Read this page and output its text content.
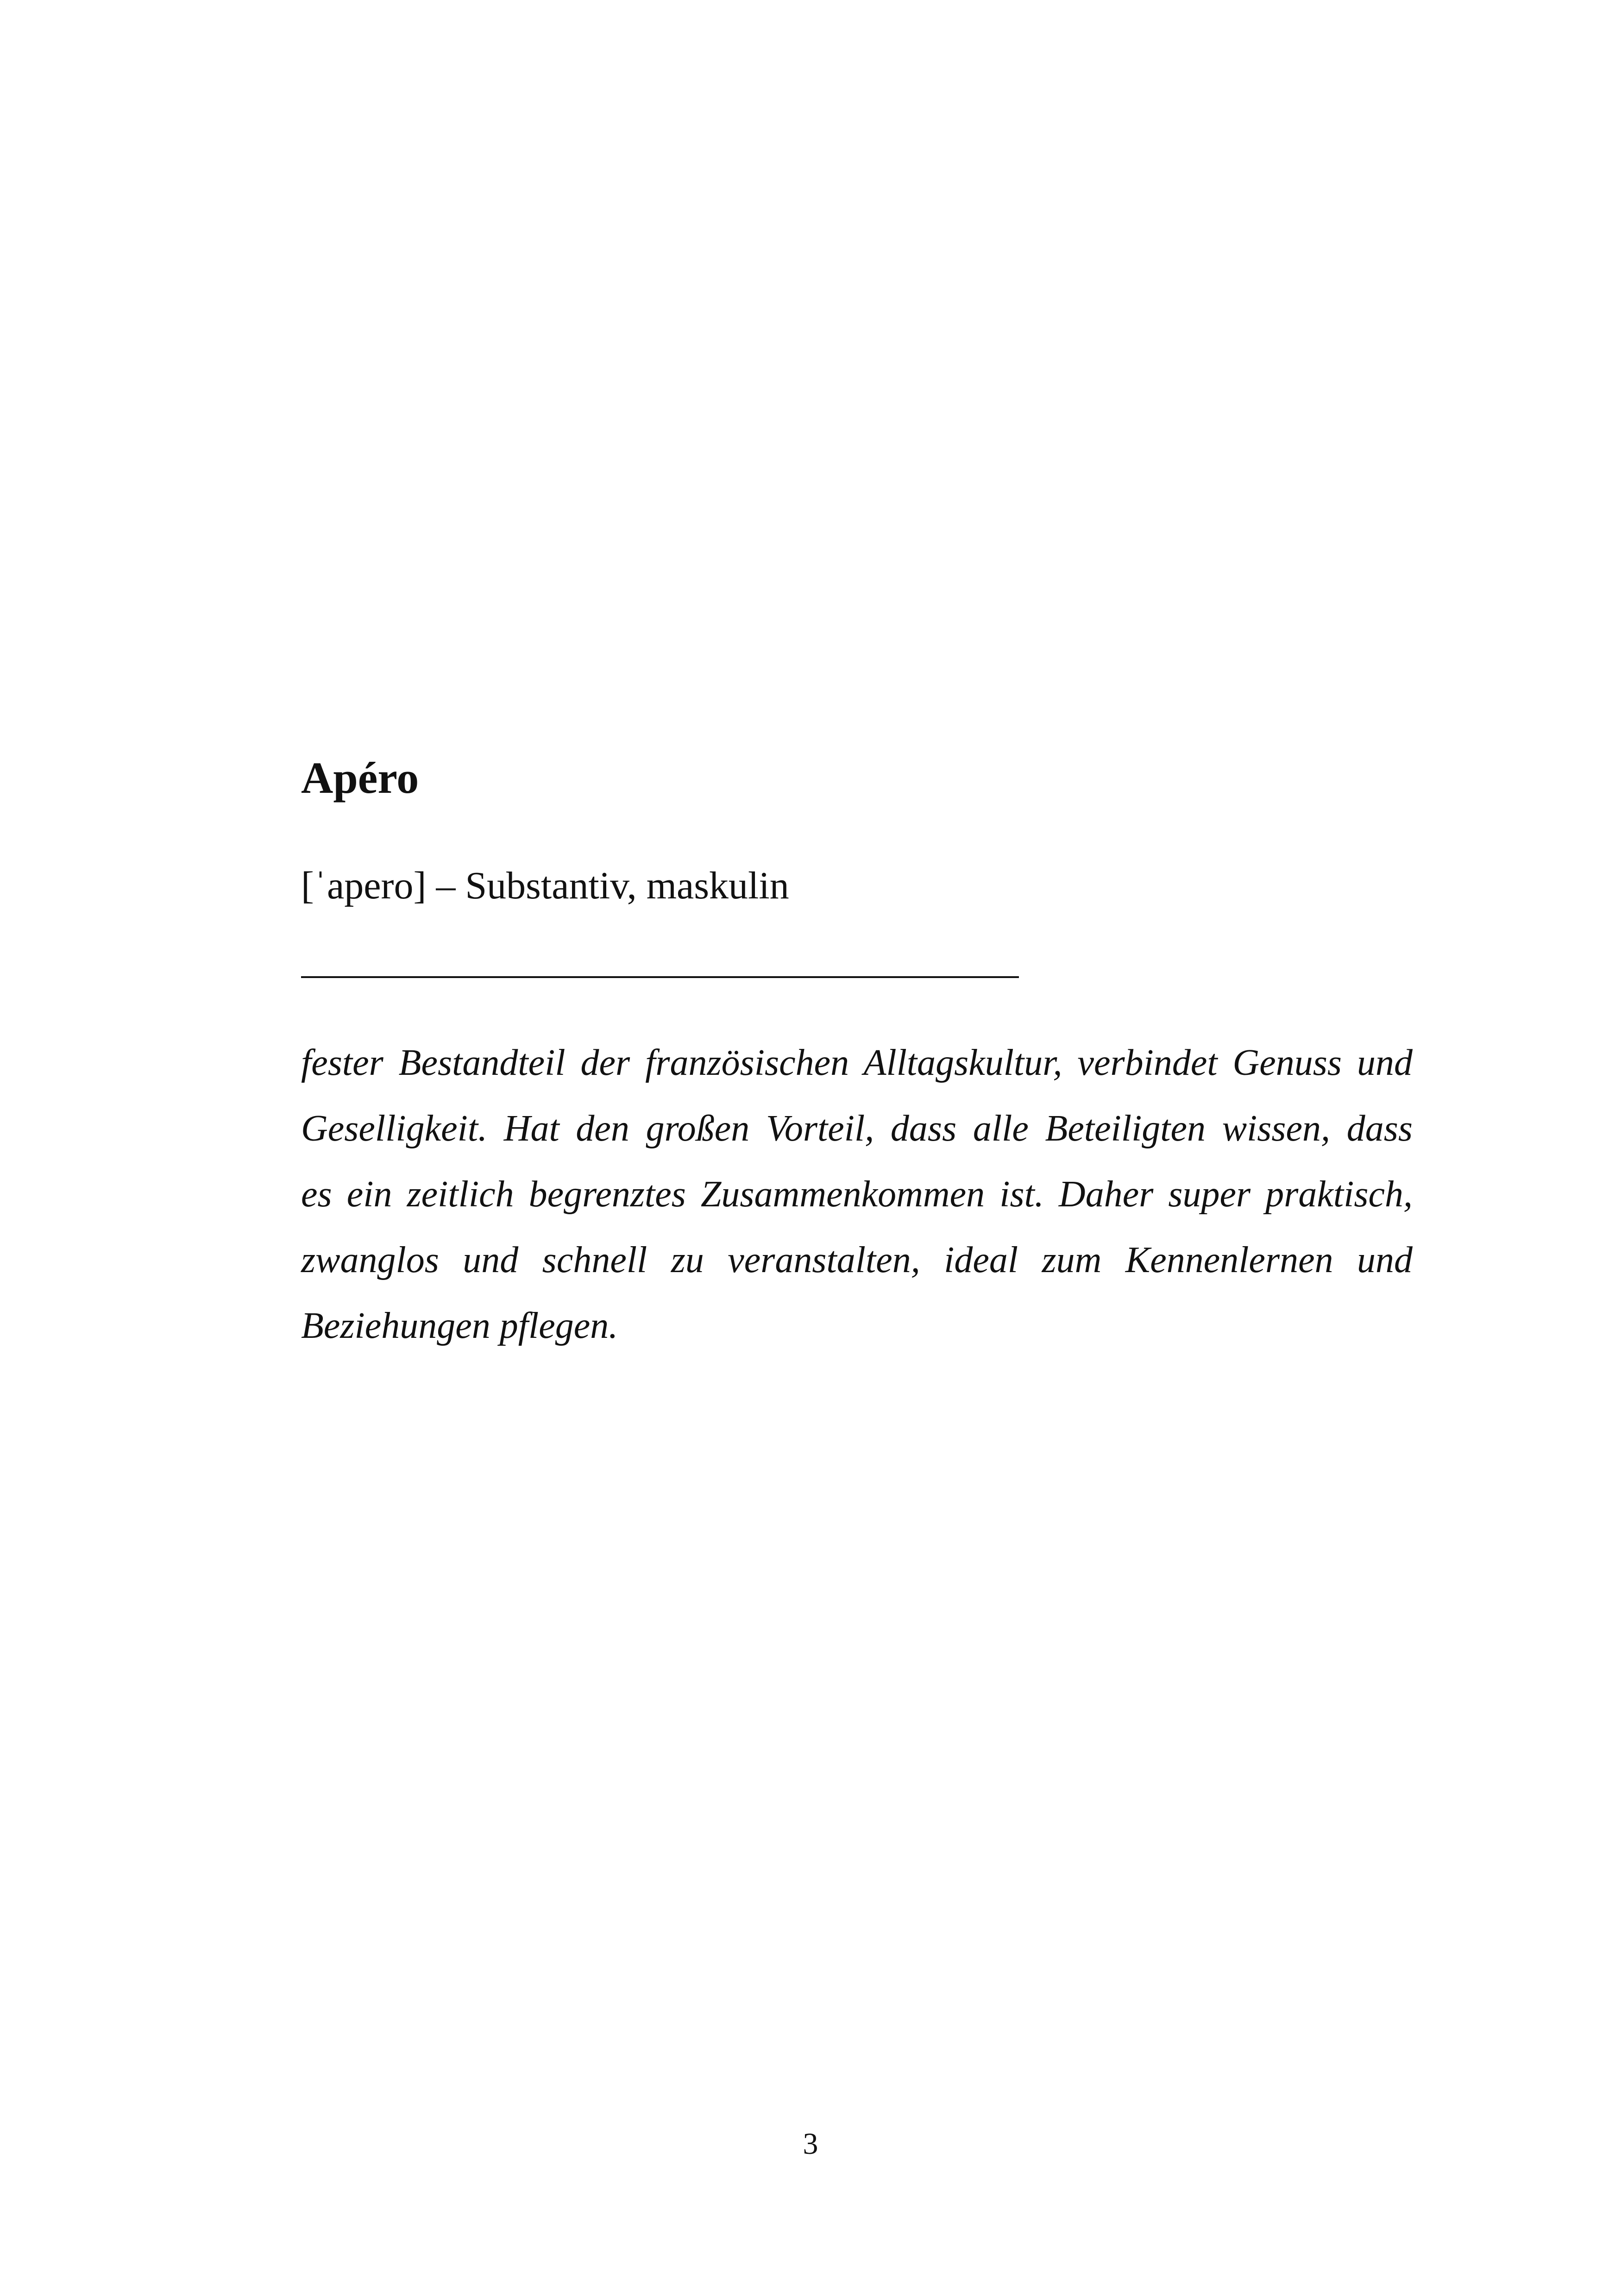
Apéro

[ˈapero] – Substantiv, maskulin

fester Bestandteil der französischen Alltagskultur, verbindet Genuss und
Geselligkeit. Hat den großen Vorteil, dass alle Beteiligten wissen, dass
es ein zeitlich begrenztes Zusammenkommen ist. Daher super praktisch,
zwanglos und schnell zu veranstalten, ideal zum Kennenlernen und
Beziehungen pflegen.

3
